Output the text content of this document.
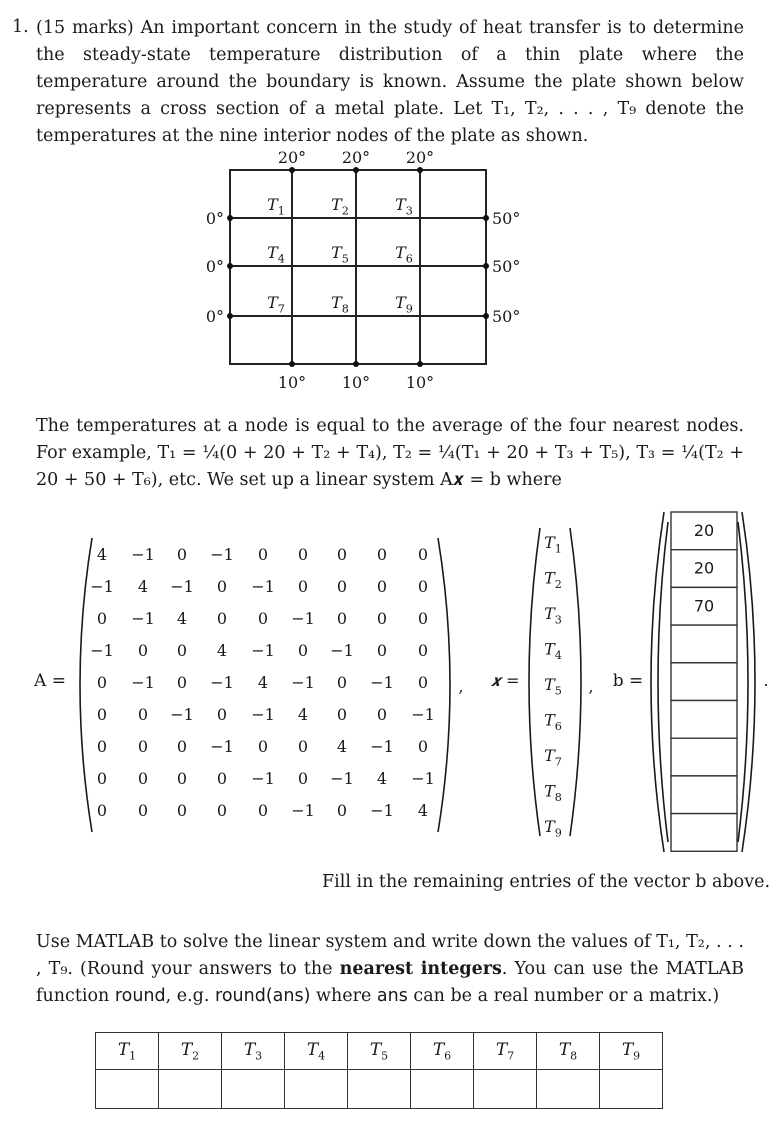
1. (15 marks) An important concern in the study of heat transfer is to determine the steady-state temperature distribution of a thin plate where the temperature around the boundary is known. Assume the plate shown below represents a cross section of a metal plate. Let T₁, T₂, . . . , T₉ denote the temperatures at the nine interior nodes of the plate as shown.

20°
10°
20°
10°
20°
10°
0°	50°
0°	50°
0°	50°
$T_1$	$T_2$	$T_3$
$T_4$	$T_5$	$T_6$
$T_7$	$T_8$	$T_9$

The temperatures at a node is equal to the average of the four nearest nodes. For example, T₁ = ¼(0 + 20 + T₂ + T₄), T₂ = ¼(T₁ + 20 + T₃ + T₅), T₃ = ¼(T₂ + 20 + 50 + T₆), etc. We set up a linear system A𝒙 = b where

4 −1 0 −1 0 0 0 0 0
−1 4 −1 0 −1 0 0 0 0
0 −1 4 0 0 −1 0 0 0
−1 0 0 4 −1 0 −1 0 0
0 −1 0 −1 4 −1 0 −1 0
0 0 −1 0 −1 4 0 0 −1
0 0 0 −1 0 0 4 −1 0
0 0 0 0 −1 0 −1 4 −1
0 0 0 0 0 −1 0 −1 4
A =	, 𝒙 =
$T_1$
$T_2$
$T_3$
$T_4$
$T_5$
$T_6$
$T_7$
$T_8$
$T_9$
, b =
20
20
70
.
Fill in the remaining entries of the vector b above.

Use MATLAB to solve the linear system and write down the values of T₁, T₂, . . . , T₉. (Round your answers to the nearest integers. You can use the MATLAB function round, e.g. round(ans) where ans can be a real number or a matrix.)

$T_1$	$T_2$	$T_3$	$T_4$	$T_5$	$T_6$	$T_7$	$T_8$	$T_9$
